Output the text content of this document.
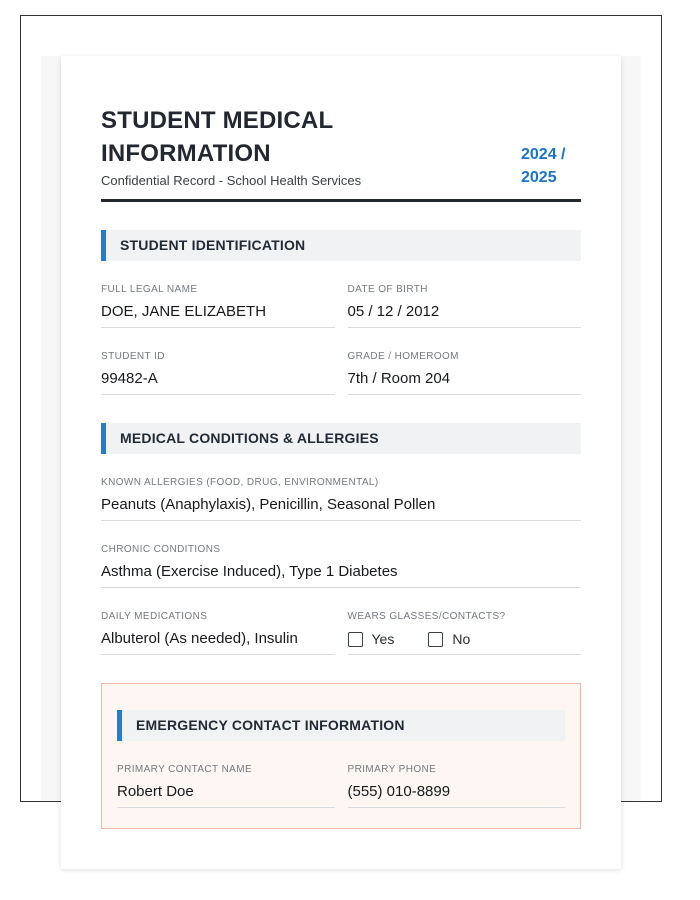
STUDENT MEDICAL INFORMATION
Confidential Record - School Health Services
2024 / 2025
STUDENT IDENTIFICATION
FULL LEGAL NAME
DOE, JANE ELIZABETH
DATE OF BIRTH
05 / 12 / 2012
STUDENT ID
99482-A
GRADE / HOMEROOM
7th / Room 204
MEDICAL CONDITIONS & ALLERGIES
KNOWN ALLERGIES (FOOD, DRUG, ENVIRONMENTAL)
Peanuts (Anaphylaxis), Penicillin, Seasonal Pollen
CHRONIC CONDITIONS
Asthma (Exercise Induced), Type 1 Diabetes
DAILY MEDICATIONS
Albuterol (As needed), Insulin
WEARS GLASSES/CONTACTS?
Yes	No
EMERGENCY CONTACT INFORMATION
PRIMARY CONTACT NAME
Robert Doe
PRIMARY PHONE
(555) 010-8899
